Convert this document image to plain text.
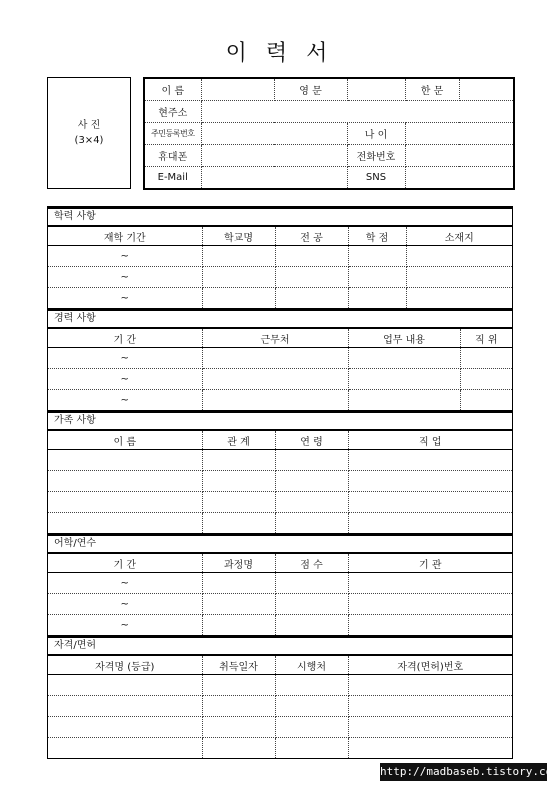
이 력 서
사 진
(3×4)
이 름		영 문		한 문	
현주소					
주민등록번호			나 이		
휴대폰			전화번호		
E-Mail			SNS		
학력 사항
재학 기간	학교명	전 공	학 점	소재지
~				
~				
~				
경력 사항
기 간	근무처	업무 내용	직 위
~			
~			
~			
가족 사항
이 름	관 계	연 령	직 업

어학/연수
기 간	과정명	점 수	기 관
~			
~			
~			
자격/면허
자격명 (등급)	취득일자	시행처	자격(면허)번호

http://madbaseb.tistory.com
